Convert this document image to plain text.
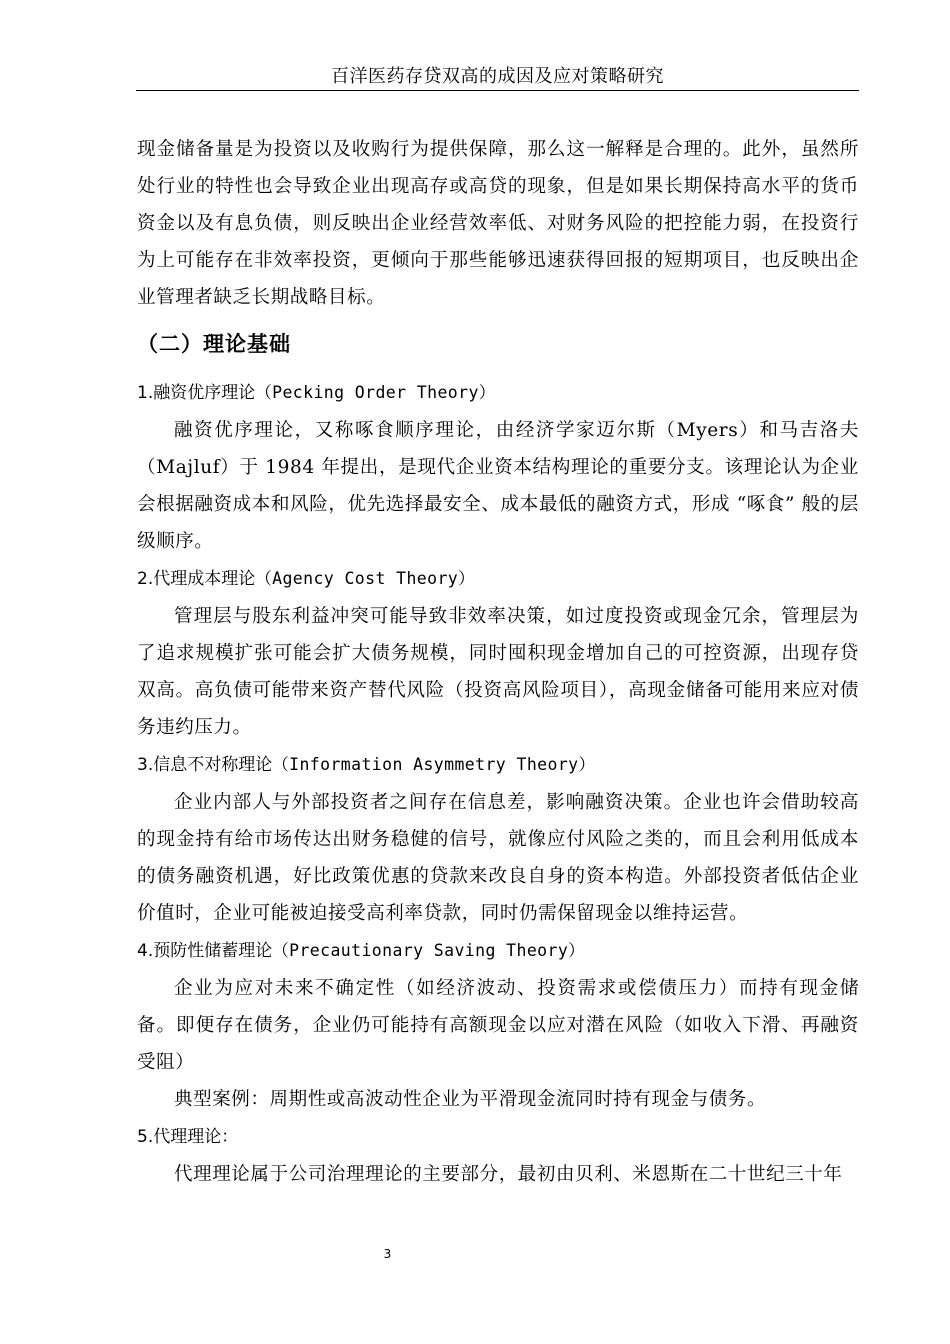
百洋医药存贷双高的成因及应对策略研究

现金储备量是为投资以及收购行为提供保障，那么这一解释是合理的。此外，虽然所处行业的特性也会导致企业出现高存或高贷的现象，但是如果长期保持高水平的货币资金以及有息负债，则反映出企业经营效率低、对财务风险的把控能力弱，在投资行为上可能存在非效率投资，更倾向于那些能够迅速获得回报的短期项目，也反映出企业管理者缺乏长期战略目标。

（二）理论基础
1.融资优序理论（Pecking Order Theory）

融资优序理论，又称啄食顺序理论，由经济学家迈尔斯（Myers）和马吉洛夫（Majluf）于 1984 年提出，是现代企业资本结构理论的重要分支。该理论认为企业会根据融资成本和风险，优先选择最安全、成本最低的融资方式，形成 “啄食” 般的层级顺序。

2.代理成本理论（Agency Cost Theory）

管理层与股东利益冲突可能导致非效率决策，如过度投资或现金冗余，管理层为了追求规模扩张可能会扩大债务规模，同时囤积现金增加自己的可控资源，出现存贷双高。高负债可能带来资产替代风险（投资高风险项目），高现金储备可能用来应对债务违约压力。

3.信息不对称理论（Information Asymmetry Theory）

企业内部人与外部投资者之间存在信息差，影响融资决策。企业也许会借助较高的现金持有给市场传达出财务稳健的信号，就像应付风险之类的，而且会利用低成本的债务融资机遇，好比政策优惠的贷款来改良自身的资本构造。外部投资者低估企业价值时，企业可能被迫接受高利率贷款，同时仍需保留现金以维持运营。

4.预防性储蓄理论（Precautionary Saving Theory）

企业为应对未来不确定性（如经济波动、投资需求或偿债压力）而持有现金储备。即便存在债务，企业仍可能持有高额现金以应对潜在风险（如收入下滑、再融资受阻）

典型案例：周期性或高波动性企业为平滑现金流同时持有现金与债务。

5.代理理论：

代理理论属于公司治理理论的主要部分，最初由贝利、米恩斯在二十世纪三十年

3
